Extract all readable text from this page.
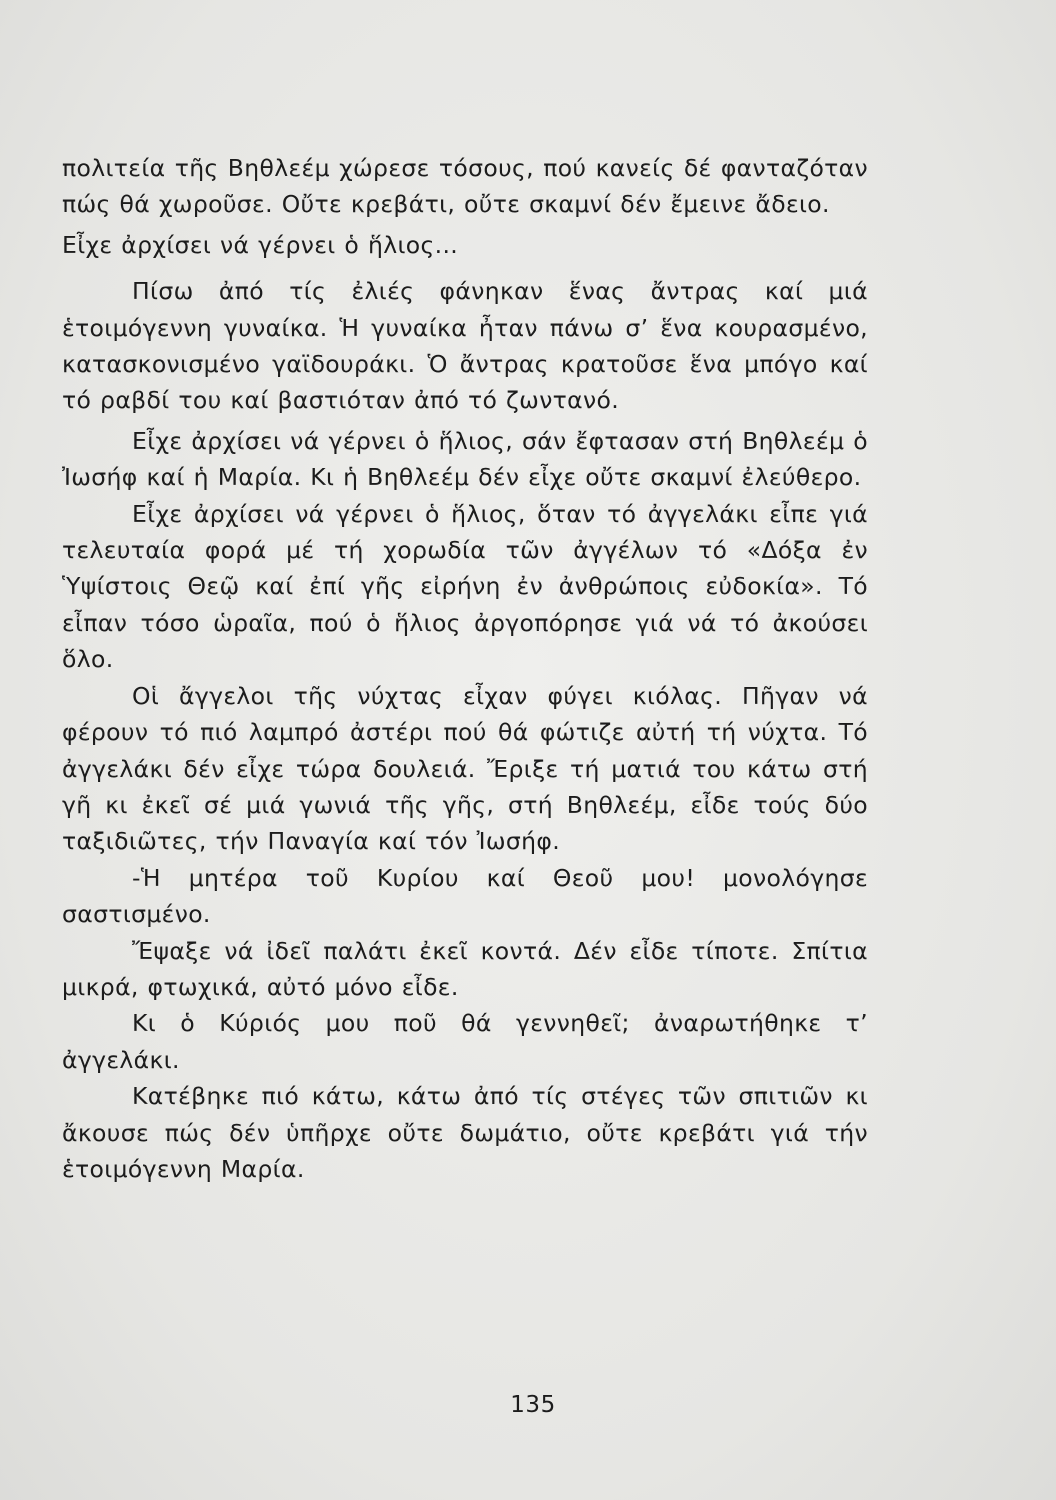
πολιτεία τῆς Βηθλεέμ χώρεσε τόσους, πού κανείς δέ φανταζόταν πώς θά χωροῦσε. Οὔτε κρεβάτι, οὔτε σκαμνί δέν ἔμεινε ἄδειο.

Εἶχε ἀρχίσει νά γέρνει ὁ ἥλιος...

Πίσω ἀπό τίς ἐλιές φάνηκαν ἕνας ἄντρας καί μιά ἑτοιμόγεννη γυναίκα. Ἡ γυναίκα ἦταν πάνω σ’ ἕνα κουρασμένο, κατασκονισμένο γαϊδουράκι. Ὁ ἄντρας κρατοῦσε ἕνα μπόγο καί τό ραβδί του καί βαστιόταν ἀπό τό ζωντανό.

Εἶχε ἀρχίσει νά γέρνει ὁ ἥλιος, σάν ἔφτασαν στή Βηθλεέμ ὁ Ἰωσήφ καί ἡ Μαρία. Κι ἡ Βηθλεέμ δέν εἶχε οὔτε σκαμνί ἐλεύθερο.

Εἶχε ἀρχίσει νά γέρνει ὁ ἥλιος, ὅταν τό ἀγγελάκι εἶπε γιά τελευταία φορά μέ τή χορωδία τῶν ἀγγέλων τό «Δόξα ἐν Ὑψίστοις Θεῷ καί ἐπί γῆς εἰρήνη ἐν ἀνθρώποις εὐδοκία». Τό εἶπαν τόσο ὡραῖα, πού ὁ ἥλιος ἀργοπόρησε γιά νά τό ἀκούσει ὅλο.

Οἱ ἄγγελοι τῆς νύχτας εἶχαν φύγει κιόλας. Πῆγαν νά φέρουν τό πιό λαμπρό ἀστέρι πού θά φώτιζε αὐτή τή νύχτα. Τό ἀγγελάκι δέν εἶχε τώρα δουλειά. Ἔριξε τή ματιά του κάτω στή γῆ κι ἐκεῖ σέ μιά γωνιά τῆς γῆς, στή Βηθλεέμ, εἶδε τούς δύο ταξιδιῶτες, τήν Παναγία καί τόν Ἰωσήφ.

-Ἡ μητέρα τοῦ Κυρίου καί Θεοῦ μου! μονολόγησε σαστισμένο.

Ἔψαξε νά ἰδεῖ παλάτι ἐκεῖ κοντά. Δέν εἶδε τίποτε. Σπίτια μικρά, φτωχικά, αὐτό μόνο εἶδε.

Κι ὁ Κύριός μου ποῦ θά γεννηθεῖ; ἀναρωτήθηκε τ’ ἀγγελάκι.

Κατέβηκε πιό κάτω, κάτω ἀπό τίς στέγες τῶν σπιτιῶν κι ἄκουσε πώς δέν ὑπῆρχε οὔτε δωμάτιο, οὔτε κρεβάτι γιά τήν ἑτοιμόγεννη Μαρία.

135
